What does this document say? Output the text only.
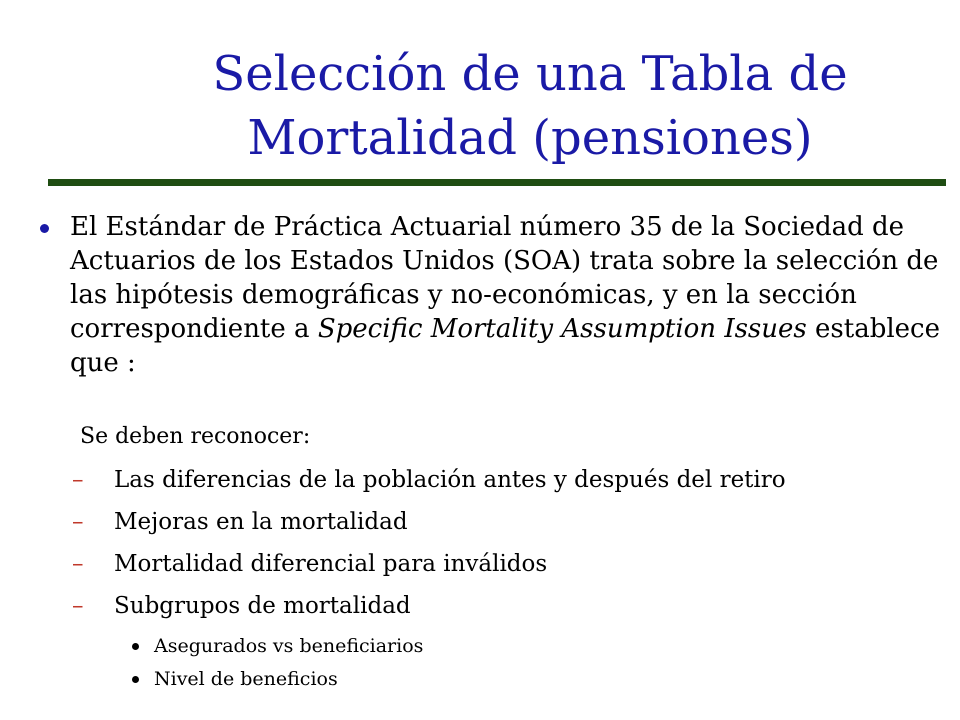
Selección de una Tabla de
Mortalidad (pensiones)
El Estándar de Práctica Actuarial número 35 de la Sociedad de Actuarios de los Estados Unidos (SOA) trata sobre la selección de las hipótesis demográficas y no-económicas, y en la sección correspondiente a Specific Mortality Assumption Issues establece que :
Se deben reconocer:
– Las diferencias de la población antes y después del retiro
– Mejoras en la mortalidad
– Mortalidad diferencial para inválidos
– Subgrupos de mortalidad
Asegurados vs beneficiarios
Nivel de beneficios
